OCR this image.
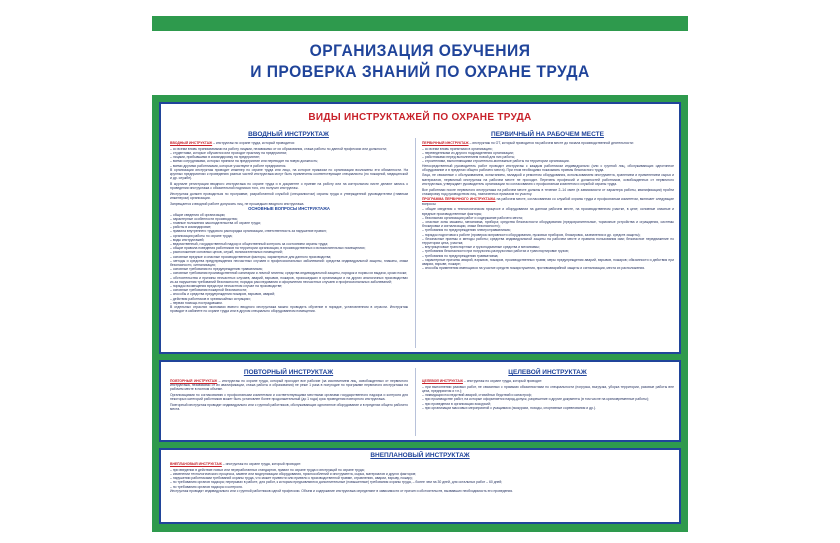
ОРГАНИЗАЦИЯ ОБУЧЕНИЯ
И ПРОВЕРКА ЗНАНИЙ ПО ОХРАНЕ ТРУДА
ВИДЫ ИНСТРУКТАЖЕЙ ПО ОХРАНЕ ТРУДА
ВВОДНЫЙ ИНСТРУКТАЖ	ПЕРВИЧНЫЙ НА РАБОЧЕМ МЕСТЕ

ВВОДНЫЙ ИНСТРУКТАЖ – инструктаж по охране труда, который проводится:

– со всеми вновь принимаемыми на работу лицами, независимо от их образования, стажа работы по данной профессии или должности;
– студентами, которые обучаются или проходят практику на предприятии;
– лицами, прибывшими в командировку на предприятие;
– всеми сотрудниками, которых приняли на предприятие или переводят на новую должность;
– всеми другими работниками, которые участвуют в работе предприятия.

В организации инструктаж проводит инженер по охране труда или лицо, на которое приказом по организации возложены эти обязанности. На крупных предприятиях к проведению разных частей инструктажа могут быть привлечены соответствующие специалисты (по пожарной, медицинской и др. службе).

В журнале регистрации вводного инструктажа по охране труда и в документе о приеме на работу или на контрольном листе делают запись о проведении инструктажа с обязательной подписью того, кто получил инструктаж.

Инструктаж должен проводиться по программе, разработанной службой (специалистом) охраны труда и утвержденной руководителем (главным инженером) организации.

Запрещается к вводной работе допускать лиц, не прошедших вводного инструктажа.

ОСНОВНЫЕ ВОПРОСЫ ИНСТРУКТАЖА

– общие сведения об организации;
– характерные особенности производства;
– главные положения законодательства об охране труда;
– работы в командировке;
– правила внутреннего трудового распорядка организации, ответственность за нарушение правил;
– организация работы по охране труда;
– виды инструктажей;
– ведомственный, государственный надзор и общественный контроль за состоянием охраны труда;
– общие правила поведения работников на территории организации, в производственных и вспомогательных помещениях;
– расположение основных цехов, служб, вспомогательных помещений;
– основные вредные и опасные производственные факторы, характерные для данного производства;
– методы и средства предупреждения несчастных случаев и профессиональных заболеваний: средства индивидуальной защиты, плакаты, знаки безопасности, сигнализация;
– основные требования по предупреждению травматизма;
– основные требования производственной санитарии и личной гигиены; средства индивидуальной защиты, порядок и нормы их выдачи, сроки носки;
– обстоятельства и причины несчастных случаев, аварий, взрывов, пожаров, происшедших в организации и на других аналогичных производствах из-за нарушения требований безопасности; порядок расследования и оформления несчастных случаев и профессиональных заболеваний;
– порядок возмещения вреда при несчастном случае на производстве;
– основные требования пожарной безопасности;
– способы и средства предупреждения пожаров, взрывов, аварий;
– действия работников в чрезвычайных ситуациях;
– первая помощь пострадавшим.

В отдельных отраслях экономики вместо вводного инструктажа можно проводить обучение в порядке, установленном в отрасли. Инструктаж проводят в кабинете по охране труда или в другом специально оборудованном помещении.

ПЕРВИЧНЫЙ ИНСТРУКТАЖ – инструктаж по ОТ, который проводится на рабочем месте до начала производственной деятельности:

– со всеми вновь принятыми в организацию;
– переведенными из другого подразделения организации;
– работниками перед выполнением новой для них работы;
– строителями, выполняющими строительно-монтажные работы на территории организации.

Непосредственный руководитель работ проводит инструктаж с каждым работником индивидуально (или с группой лиц, обслуживающих однотипное оборудование и в пределах общего рабочего места). При этом необходимо показывать приемы безопасного труда.

Лица, не связанные с обслуживанием, испытанием, наладкой и ремонтом оборудования, использованием инструмента, хранением и применением сырья и материалов, первичный инструктаж на рабочем месте не проходят. Перечень профессий и должностей работников, освобожденных от первичного инструктажа, утверждает руководитель организации по согласованию с профсоюзным комитетом и службой охраны труда.

Все работники после первичного инструктажа на рабочем месте должны в течение 2–14 смен (в зависимости от характера работы, квалификации) пройти стажировку под руководством лиц, назначенных приказом по участку.

ПРОГРАММА ПЕРВИЧНОГО ИНСТРУКТАЖА на рабочем месте, согласованная со службой охраны труда и профсоюзным комитетом, включает следующие вопросы:

– общие сведения о технологическом процессе и оборудовании на данном рабочем месте, на производственном участке, в цехе; основные опасные и вредные производственные факторы;
– безопасная организация работ и содержание рабочего места;
– опасные зоны машины, механизма, прибора; средства безопасности оборудования (предохранительные, тормозные устройства и ограждения, системы блокировки и сигнализации, знаки безопасности);
– требования по предупреждению электротравматизма;
– порядок подготовки к работе (проверка исправности оборудования, пусковых приборов, блокировок, заземления и др. средств защиты);
– безопасные приемы и методы работы; средства индивидуальной защиты на рабочем месте и правила пользования ими; безопасное передвижение по территории цеха, участка;
– внутрицеховые транспортные и грузоподъемные средства и механизмы;
– требования безопасности при погрузочно-разгрузочных работах и транспортировке грузов;
– требования по предупреждению травматизма;
– характерные причины аварий, взрывов, пожаров, производственных травм; меры предупреждения аварий, взрывов, пожаров; обязанности и действия при аварии, взрыве, пожаре;
– способы применения имеющихся на участке средств пожаротушения, противоаварийной защиты и сигнализации, места их расположения.
ПОВТОРНЫЙ ИНСТРУКТАЖ	ЦЕЛЕВОЙ ИНСТРУКТАЖ

ПОВТОРНЫЙ ИНСТРУКТАЖ – инструктаж по охране труда, который проходят все рабочие (за исключением лиц, освобожденных от первичного инструктажа, независимо от их квалификации, стажа работы и образования) не реже 1 раза в полугодие по программе первичного инструктажа на рабочем месте в полном объеме.

Организациями по согласованию с профсоюзными комитетами и соответствующими местными органами государственного надзора и контроля для некоторых категорий работников может быть установлен более продолжительный (до 1 года) срок проведения повторного инструктажа.

Повторный инструктаж проводят индивидуально или с группой работников, обслуживающих однотипное оборудование и в пределах общего рабочего места.

ЦЕЛЕВОЙ ИНСТРУКТАЖ – инструктаж по охране труда, который проводят:

– при выполнении разовых работ, не связанных с прямыми обязанностями по специальности (погрузка, выгрузка, уборка территории, разовые работы вне цеха, предприятия и т.п.);
– ликвидации последствий аварий, стихийных бедствий и катастроф;
– при производстве работ, на которые оформляется наряд-допуск, разрешение и другие документы (в том числе на кратковременные работы);
– при проведении в организации экскурсий;
– при организации массовых мероприятий с учащимися (экскурсии, походы, спортивные соревнования и др.).
ВНЕПЛАНОВЫЙ ИНСТРУКТАЖ

ВНЕПЛАНОВЫЙ ИНСТРУКТАЖ – инструктаж по охране труда, который проводят:

– при введении в действие новых или переработанных стандартов, правил по охране труда и инструкций по охране труда;
– изменении технологического процесса, замене или модернизации оборудования, приспособлений и инструмента, сырья, материалов и других факторов;
– нарушении работниками требований охраны труда, что может привести или привело к производственной травме, отравлению, аварии, взрыву, пожару;
– по требованию органов надзора; перерывах в работе, для работ, к которым предъявляются дополнительные (повышенные) требования охраны труда, – более чем на 30 дней, для остальных работ – 60 дней;
– по требованию органов надзора и контроля.

Инструктаж проводят индивидуально или с группой работников одной профессии. Объем и содержание инструктажа определяют в зависимости от причин и обстоятельств, вызвавших необходимость его проведения.
